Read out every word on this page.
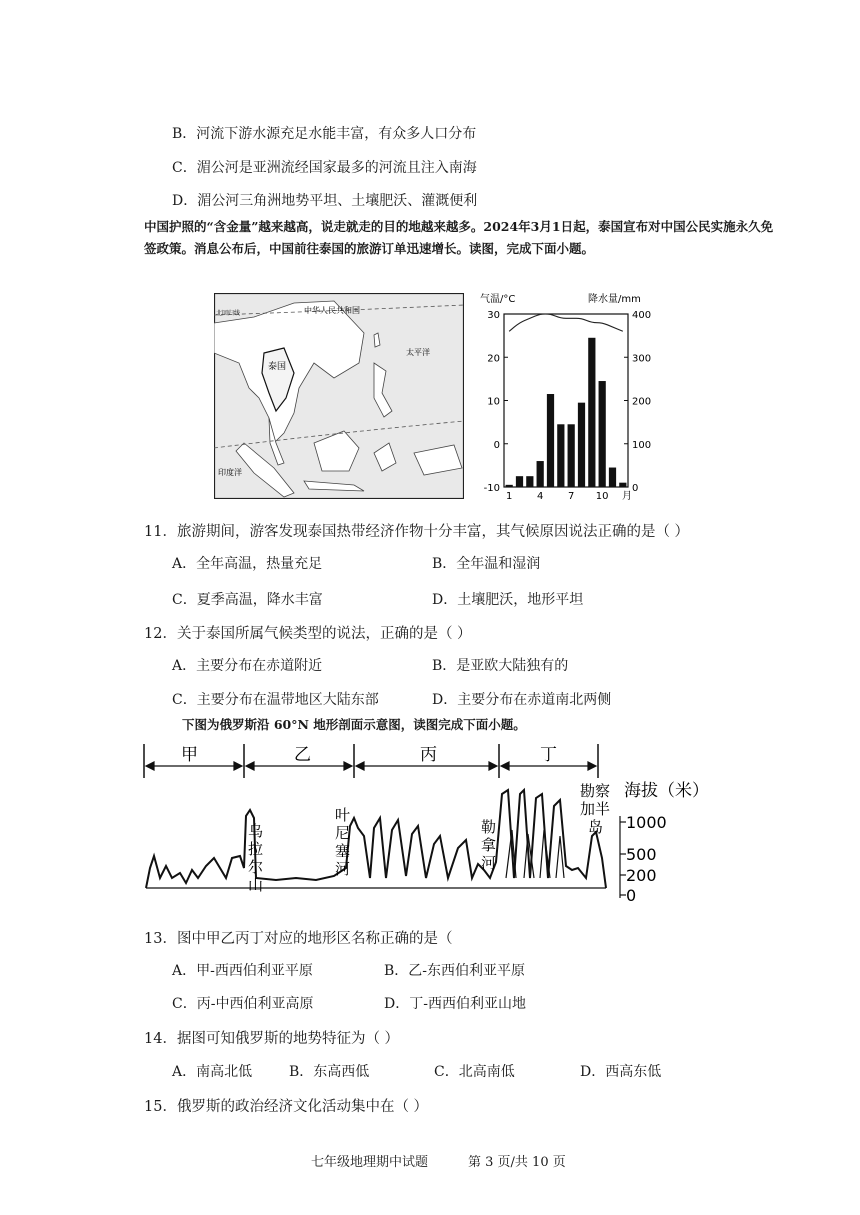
B．河流下游水源充足水能丰富，有众多人口分布
C．湄公河是亚洲流经国家最多的河流且注入南海
D．湄公河三角洲地势平坦、土壤肥沃、灌溉便利
中国护照的“含金量”越来越高，说走就走的目的地越来越多。2024年3月1日起，泰国宣布对中国公民实施永久免签政策。消息公布后，中国前往泰国的旅游订单迅速增长。读图，完成下面小题。
中华人民共和国
北回归线
泰国
太平洋
印度洋
气温/°C	降水量/mm
30
20
10
0
-10
400
300
200
100
0
1 4 7 10 月
11．旅游期间，游客发现泰国热带经济作物十分丰富，其气候原因说法正确的是（ ）
A．全年高温，热量充足	B．全年温和湿润
C．夏季高温，降水丰富	D．土壤肥沃，地形平坦
12．关于泰国所属气候类型的说法，正确的是（ ）
A．主要分布在赤道附近	B．是亚欧大陆独有的
C．主要分布在温带地区大陆东部	D．主要分布在赤道南北两侧
下图为俄罗斯沿 60°N 地形剖面示意图，读图完成下面小题。
甲	乙	丙	丁
乌
拉
尔
山
叶
尼
塞
河
勒
拿
河
勘察
加半
岛
海拔（米）
1000
500
200
0
13．图中甲乙丙丁对应的地形区名称正确的是（
A．甲-西西伯利亚平原	B．乙-东西伯利亚平原
C．丙-中西伯利亚高原	D．丁-西西伯利亚山地
14．据图可知俄罗斯的地势特征为（ ）
A．南高北低	B．东高西低	C．北高南低	D．西高东低
15．俄罗斯的政治经济文化活动集中在（ ）
七年级地理期中试题	第 3 页/共 10 页
